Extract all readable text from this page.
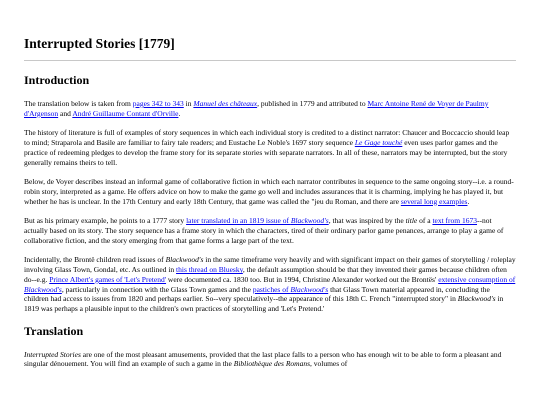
Interrupted Stories [1779]
Introduction

The translation below is taken from pages 342 to 343 in Manuel des châteaux, published in 1779 and attributed to Marc Antoine René de Voyer de Paulmy d'Argenson and André Guillaume Contant d'Orville.

The history of literature is full of examples of story sequences in which each individual story is credited to a distinct narrator: Chaucer and Boccaccio should leap to mind; Straparola and Basile are familiar to fairy tale readers; and Eustache Le Noble's 1697 story sequence Le Gage touché even uses parlor games and the practice of redeeming pledges to develop the frame story for its separate stories with separate narrators. In all of these, narrators may be interrupted, but the story generally remains theirs to tell.

Below, de Voyer describes instead an informal game of collaborative fiction in which each narrator contributes in sequence to the same ongoing story--i.e. a round-robin story, interpreted as a game. He offers advice on how to make the game go well and includes assurances that it is charming, implying he has played it, but whether he has is unclear. In the 17th Century and early 18th Century, that game was called the "jeu du Roman, and there are several long examples.

But as his primary example, he points to a 1777 story later translated in an 1819 issue of Blackwood's, that was inspired by the title of a text from 1673--not actually based on its story. The story sequence has a frame story in which the characters, tired of their ordinary parlor game penances, arrange to play a game of collaborative fiction, and the story emerging from that game forms a large part of the text.

Incidentally, the Brontë children read issues of Blackwood's in the same timeframe very heavily and with significant impact on their games of storytelling / roleplay involving Glass Town, Gondal, etc. As outlined in this thread on Bluesky, the default assumption should be that they invented their games because children often do--e.g. Prince Albert's games of 'Let's Pretend' were documented ca. 1830 too. But in 1994, Christine Alexander worked out the Brontës' extensive consumption of Blackwood's, particularly in connection with the Glass Town games and the pastiches of Blackwood's that Glass Town material appeared in, concluding the children had access to issues from 1820 and perhaps earlier. So--very speculatively--the appearance of this 18th C. French "interrupted story" in Blackwood's in 1819 was perhaps a plausible input to the children's own practices of storytelling and 'Let's Pretend.'

Translation

Interrupted Stories are one of the most pleasant amusements, provided that the last place falls to a person who has enough wit to be able to form a pleasant and singular dénouement. You will find an example of such a game in the Bibliothèque des Romans, volumes of
